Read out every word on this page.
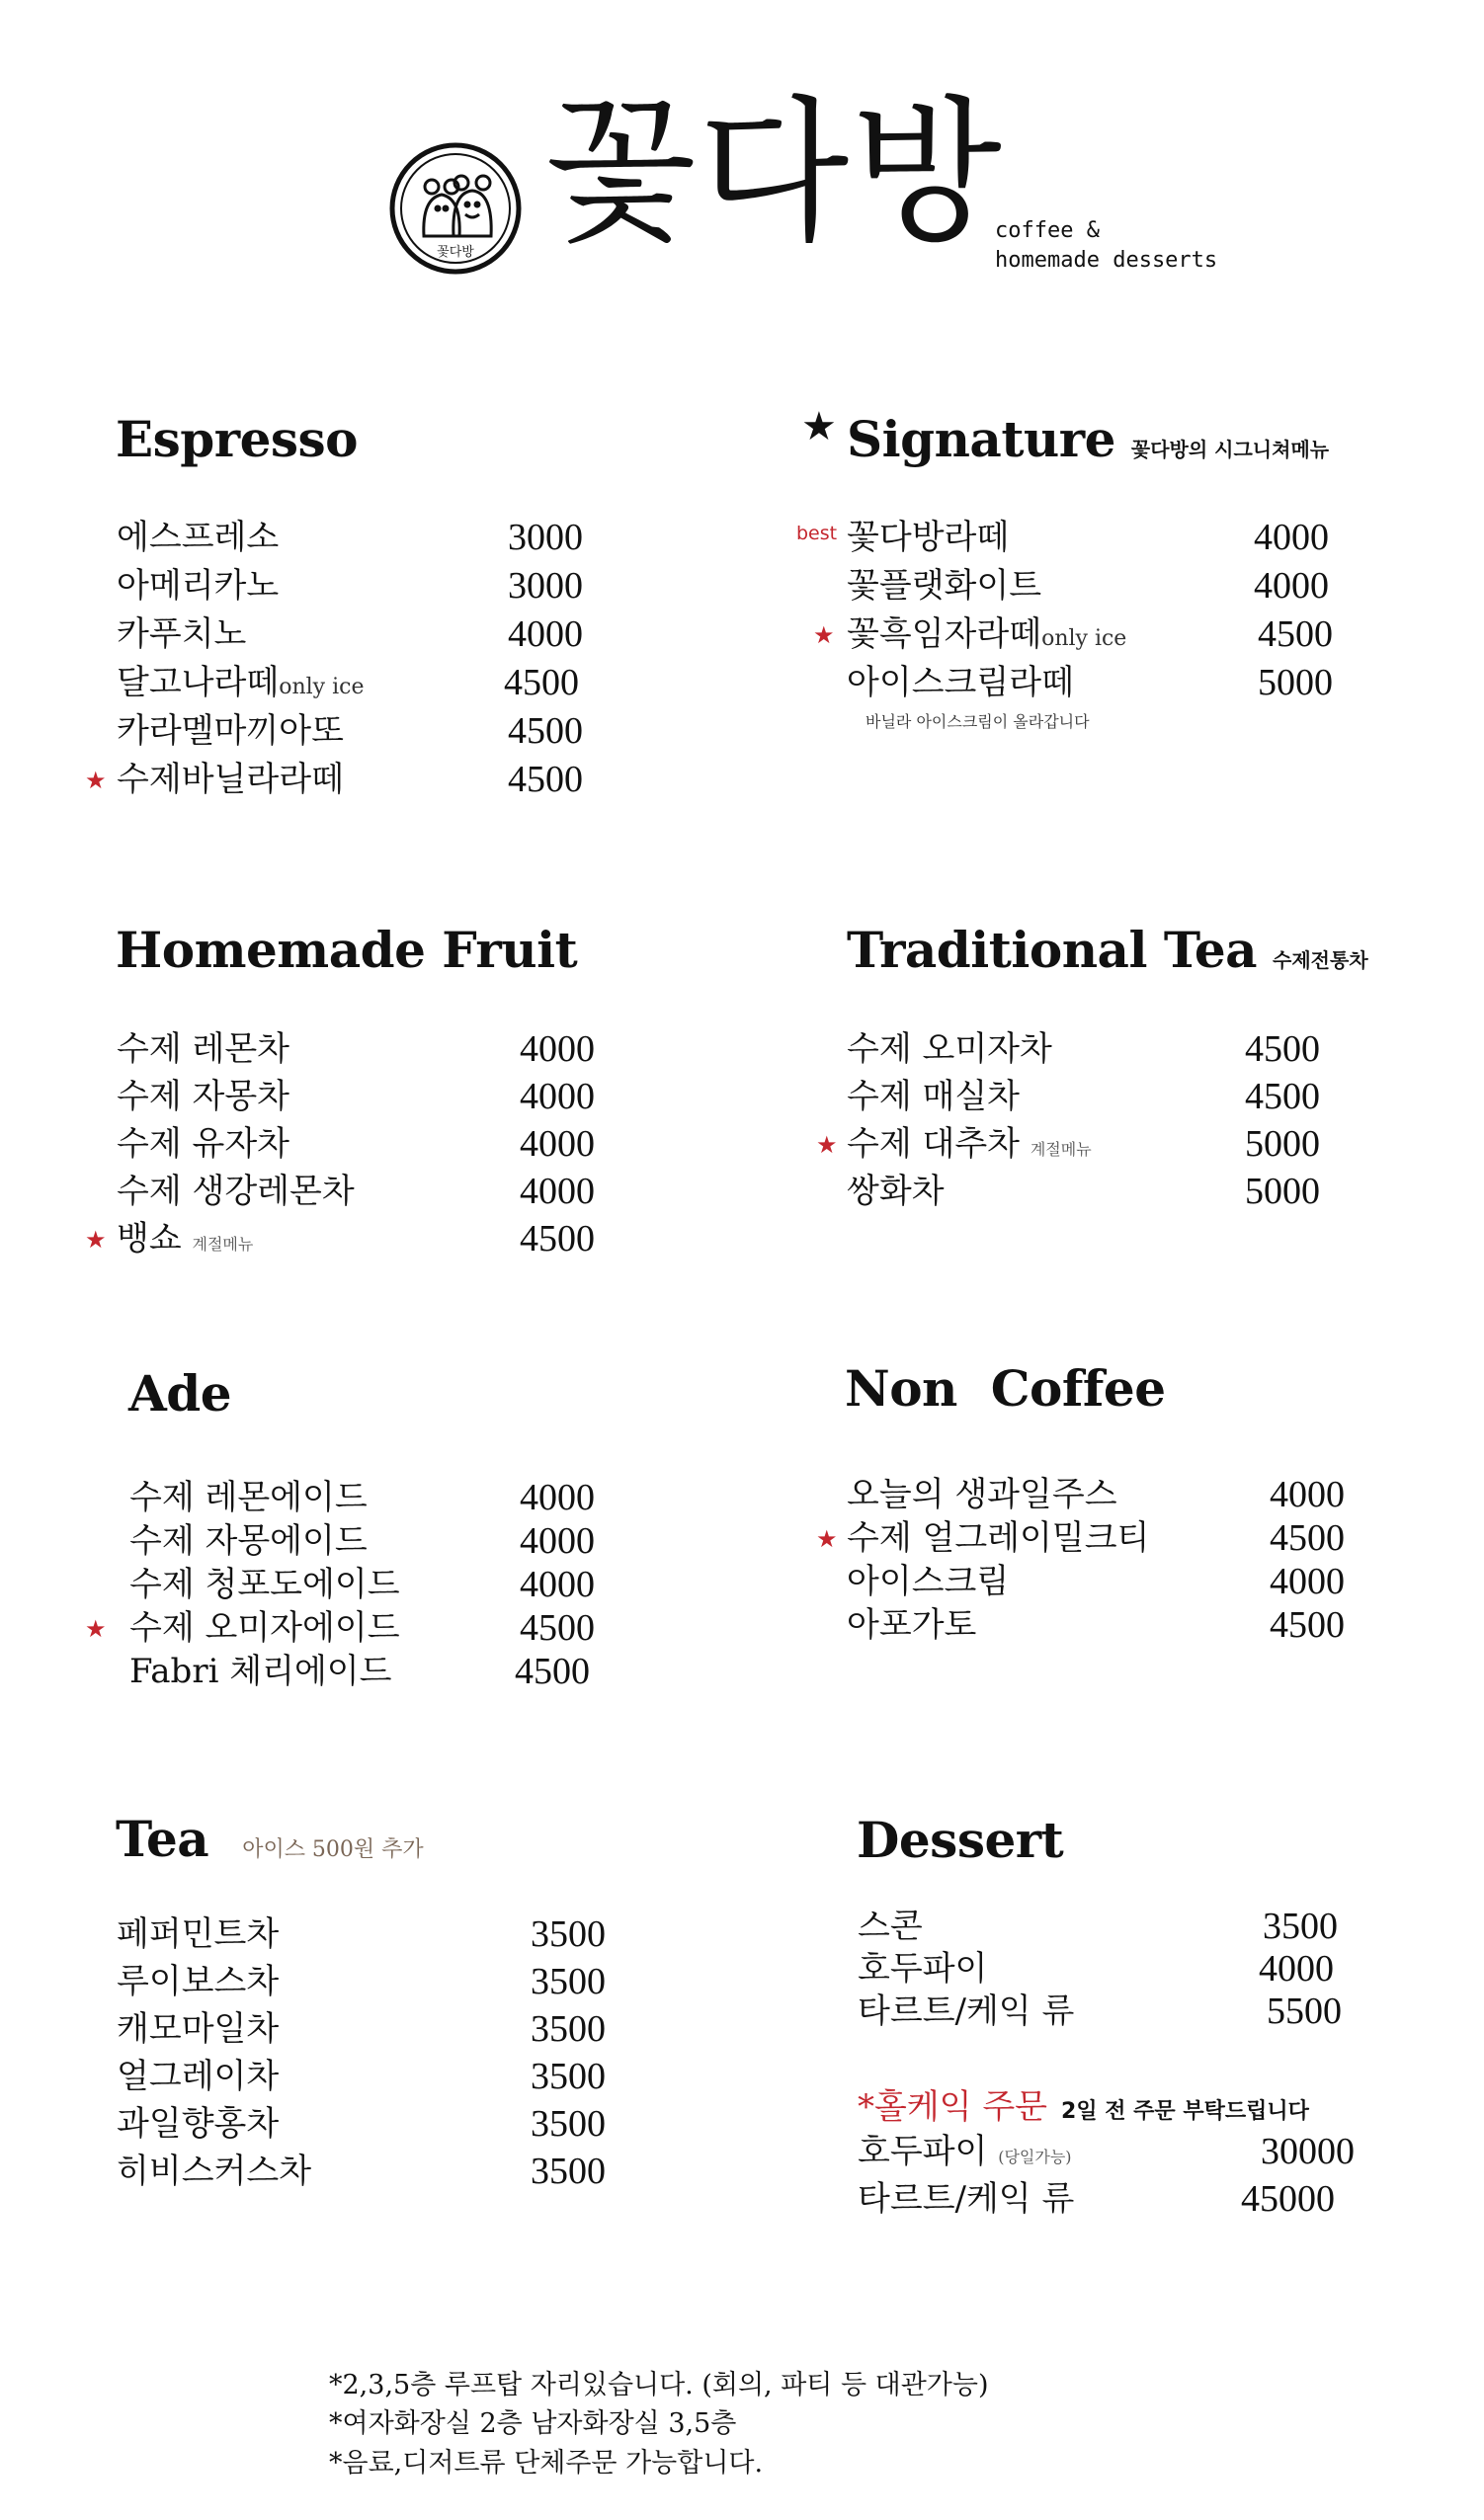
꽃다방 꽃다방
coffee &
homemade desserts
Espresso
에스프레소	3000
아메리카노	3000
카푸치노	4000
달고나라떼only ice	4500
카라멜마끼아또	4500
★ 수제바닐라라떼	4500
★ Signature 꽃다방의 시그니쳐메뉴
best 꽃다방라떼	4000
꽃플랫화이트	4000
★ 꽃흑임자라떼only ice	4500
아이스크림라떼	5000
바닐라 아이스크림이 올라갑니다
Homemade Fruit
수제 레몬차	4000
수제 자몽차	4000
수제 유자차	4000
수제 생강레몬차	4000
★ 뱅쇼 계절메뉴	4500
Traditional Tea 수제전통차
수제 오미자차	4500
수제 매실차	4500
★ 수제 대추차 계절메뉴	5000
쌍화차	5000
Ade
수제 레몬에이드	4000
수제 자몽에이드	4000
수제 청포도에이드	4000
★ 수제 오미자에이드	4500
Fabri 체리에이드	4500
Non  Coffee
오늘의 생과일주스	4000
★ 수제 얼그레이밀크티	4500
아이스크림	4000
아포가토	4500
Tea 아이스 500원 추가
페퍼민트차	3500
루이보스차	3500
캐모마일차	3500
얼그레이차	3500
과일향홍차	3500
히비스커스차	3500
Dessert
스콘	3500
호두파이	4000
타르트/케익 류	5500
*홀케익 주문 2일 전 주문 부탁드립니다
호두파이 (당일가능)	30000
타르트/케익 류	45000
*2,3,5층 루프탑 자리있습니다. (회의, 파티 등 대관가능)
*여자화장실 2층 남자화장실 3,5층
*음료,디저트류 단체주문 가능합니다.
